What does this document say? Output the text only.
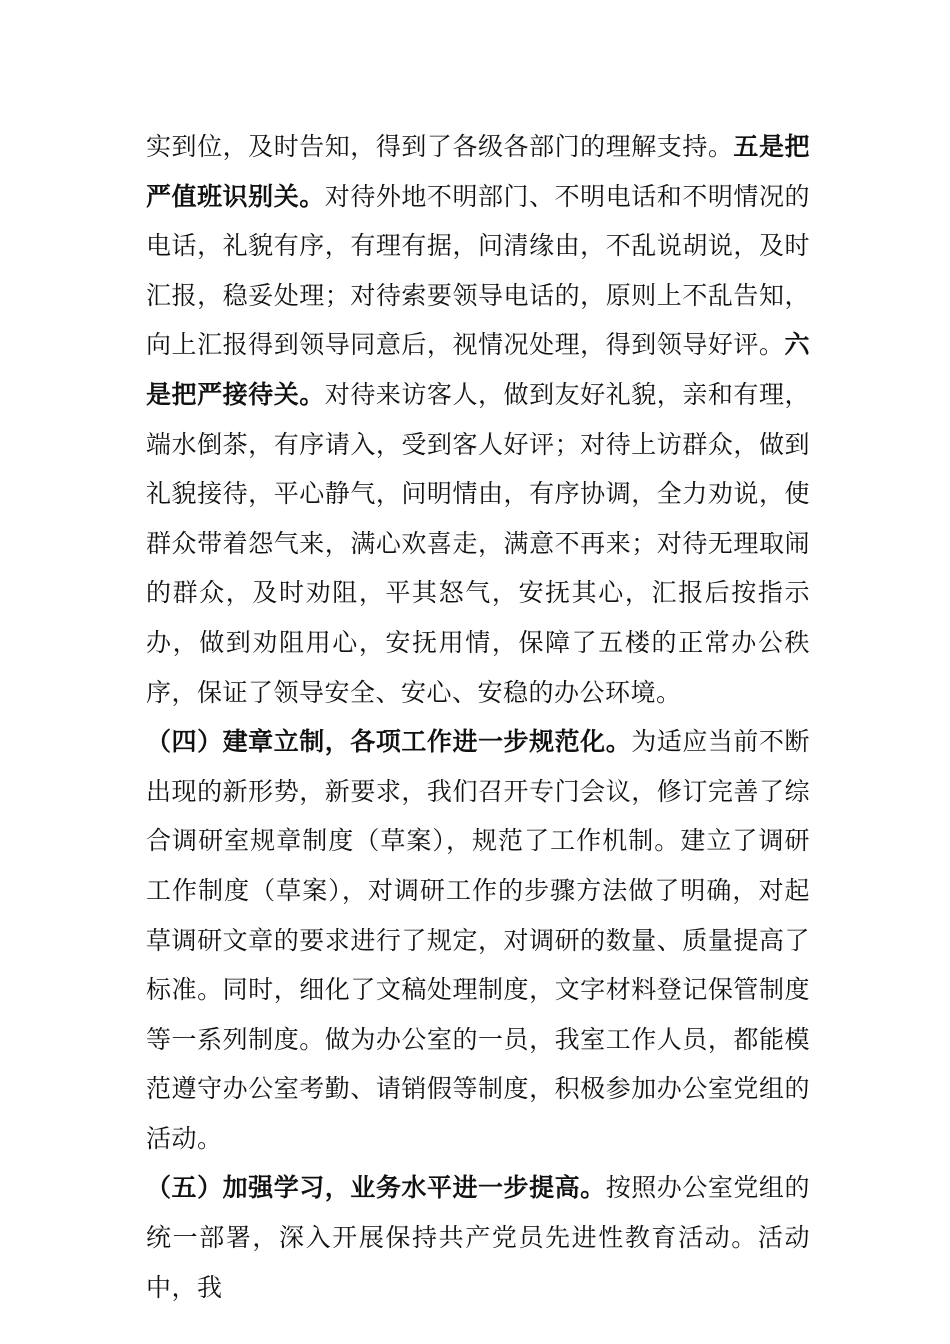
实到位，及时告知，得到了各级各部门的理解支持。五是把严值班识别关。对待外地不明部门、不明电话和不明情况的电话，礼貌有序，有理有据，问清缘由，不乱说胡说，及时汇报，稳妥处理；对待索要领导电话的，原则上不乱告知，向上汇报得到领导同意后，视情况处理，得到领导好评。六是把严接待关。对待来访客人，做到友好礼貌，亲和有理，端水倒茶，有序请入，受到客人好评；对待上访群众，做到礼貌接待，平心静气，问明情由，有序协调，全力劝说，使群众带着怨气来，满心欢喜走，满意不再来；对待无理取闹的群众，及时劝阻，平其怒气，安抚其心，汇报后按指示办，做到劝阻用心，安抚用情，保障了五楼的正常办公秩序，保证了领导安全、安心、安稳的办公环境。

（四）建章立制，各项工作进一步规范化。为适应当前不断出现的新形势，新要求，我们召开专门会议，修订完善了综合调研室规章制度（草案），规范了工作机制。建立了调研工作制度（草案），对调研工作的步骤方法做了明确，对起草调研文章的要求进行了规定，对调研的数量、质量提高了标准。同时，细化了文稿处理制度，文字材料登记保管制度等一系列制度。做为办公室的一员，我室工作人员，都能模范遵守办公室考勤、请销假等制度，积极参加办公室党组的活动。

（五）加强学习，业务水平进一步提高。按照办公室党组的统一部署，深入开展保持共产党员先进性教育活动。活动中，我
